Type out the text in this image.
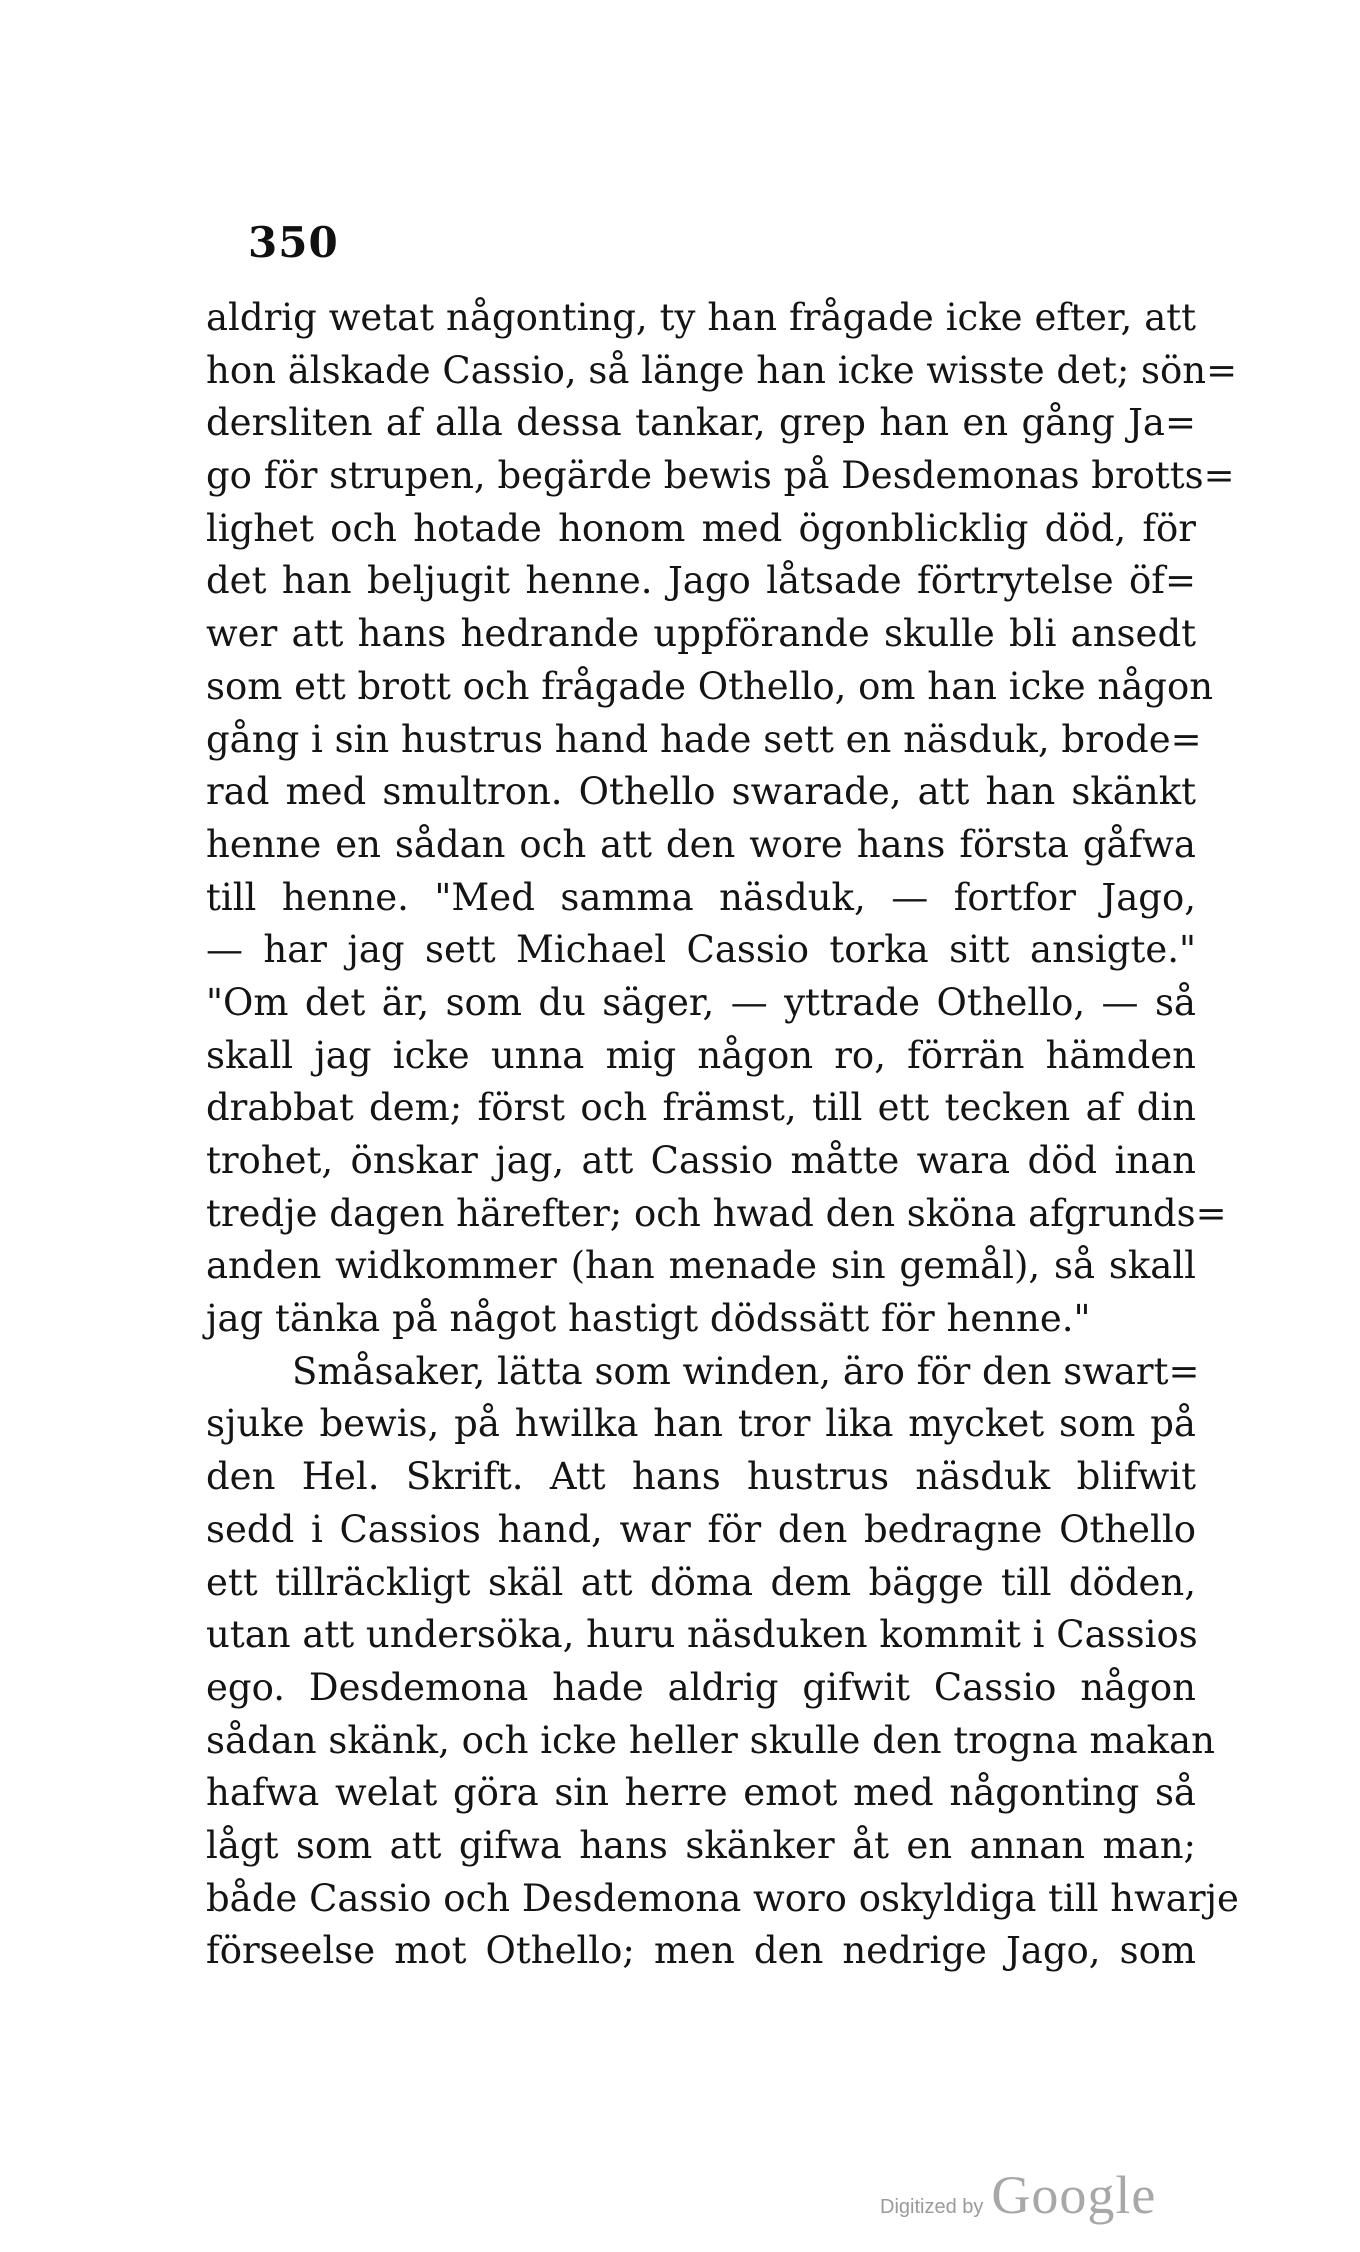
350
aldrig wetat någonting, ty han frågade icke efter, att
hon älskade Cassio, så länge han icke wisste det; sön=
dersliten af alla dessa tankar, grep han en gång Ja=
go för strupen, begärde bewis på Desdemonas brotts=
lighet och hotade honom med ögonblicklig död, för
det han beljugit henne. Jago låtsade förtrytelse öf=
wer att hans hedrande uppförande skulle bli ansedt
som ett brott och frågade Othello, om han icke någon
gång i sin hustrus hand hade sett en näsduk, brode=
rad med smultron. Othello swarade, att han skänkt
henne en sådan och att den wore hans första gåfwa
till henne. "Med samma näsduk, — fortfor Jago,
— har jag sett Michael Cassio torka sitt ansigte."
"Om det är, som du säger, — yttrade Othello, — så
skall jag icke unna mig någon ro, förrän hämden
drabbat dem; först och främst, till ett tecken af din
trohet, önskar jag, att Cassio måtte wara död inan
tredje dagen härefter; och hwad den sköna afgrunds=
anden widkommer (han menade sin gemål), så skall
jag tänka på något hastigt dödssätt för henne."
Småsaker, lätta som winden, äro för den swart=
sjuke bewis, på hwilka han tror lika mycket som på
den Hel. Skrift. Att hans hustrus näsduk blifwit
sedd i Cassios hand, war för den bedragne Othello
ett tillräckligt skäl att döma dem bägge till döden,
utan att undersöka, huru näsduken kommit i Cassios
ego. Desdemona hade aldrig gifwit Cassio någon
sådan skänk, och icke heller skulle den trogna makan
hafwa welat göra sin herre emot med någonting så
lågt som att gifwa hans skänker åt en annan man;
både Cassio och Desdemona woro oskyldiga till hwarje
förseelse mot Othello; men den nedrige Jago, som
Digitized by Google
